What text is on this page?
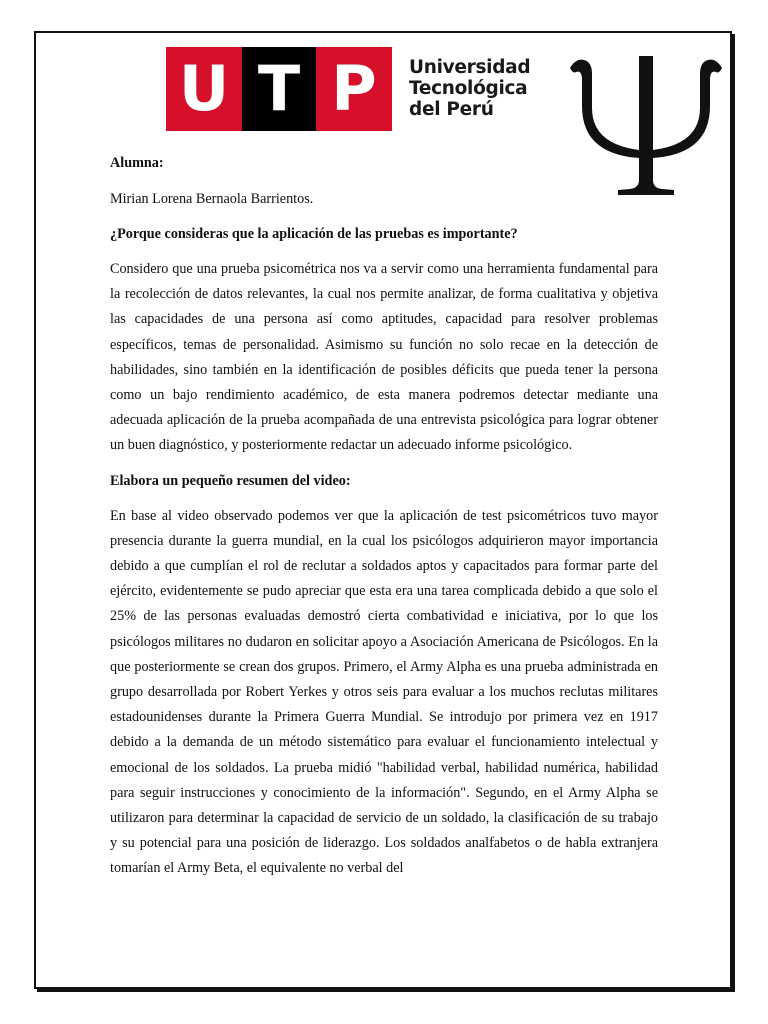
U T P	Universidad
Tecnológica
del Perú

Alumna:

Mirian Lorena Bernaola Barrientos.

¿Porque consideras que la aplicación de las pruebas es importante?

Considero que una prueba psicométrica nos va a servir como una herramienta fundamental para la recolección de datos relevantes, la cual nos permite analizar, de forma cualitativa y objetiva las capacidades de una persona así como aptitudes, capacidad para resolver problemas específicos, temas de personalidad. Asimismo su función no solo recae en la detección de habilidades, sino también en la identificación de posibles déficits que pueda tener la persona como un bajo rendimiento académico, de esta manera podremos detectar mediante una adecuada aplicación de la prueba acompañada de una entrevista psicológica para lograr obtener un buen diagnóstico, y posteriormente redactar un adecuado informe psicológico.

Elabora un pequeño resumen del video:

En base al video observado podemos ver que la aplicación de test psicométricos tuvo mayor presencia durante la guerra mundial, en la cual los psicólogos adquirieron mayor importancia debido a que cumplían el rol de reclutar a soldados aptos y capacitados para formar parte del ejército, evidentemente se pudo apreciar que esta era una tarea complicada debido a que solo el 25% de las personas evaluadas demostró cierta combatividad e iniciativa, por lo que los psicólogos militares no dudaron en solicitar apoyo a Asociación Americana de Psicólogos. En la que posteriormente se crean dos grupos. Primero, el Army Alpha es una prueba administrada en grupo desarrollada por Robert Yerkes y otros seis para evaluar a los muchos reclutas militares estadounidenses durante la Primera Guerra Mundial. Se introdujo por primera vez en 1917 debido a la demanda de un método sistemático para evaluar el funcionamiento intelectual y emocional de los soldados. La prueba midió "habilidad verbal, habilidad numérica, habilidad para seguir instrucciones y conocimiento de la información". Segundo, en el Army Alpha se utilizaron para determinar la capacidad de servicio de un soldado, la clasificación de su trabajo y su potencial para una posición de liderazgo. Los soldados analfabetos o de habla extranjera tomarían el Army Beta, el equivalente no verbal del
